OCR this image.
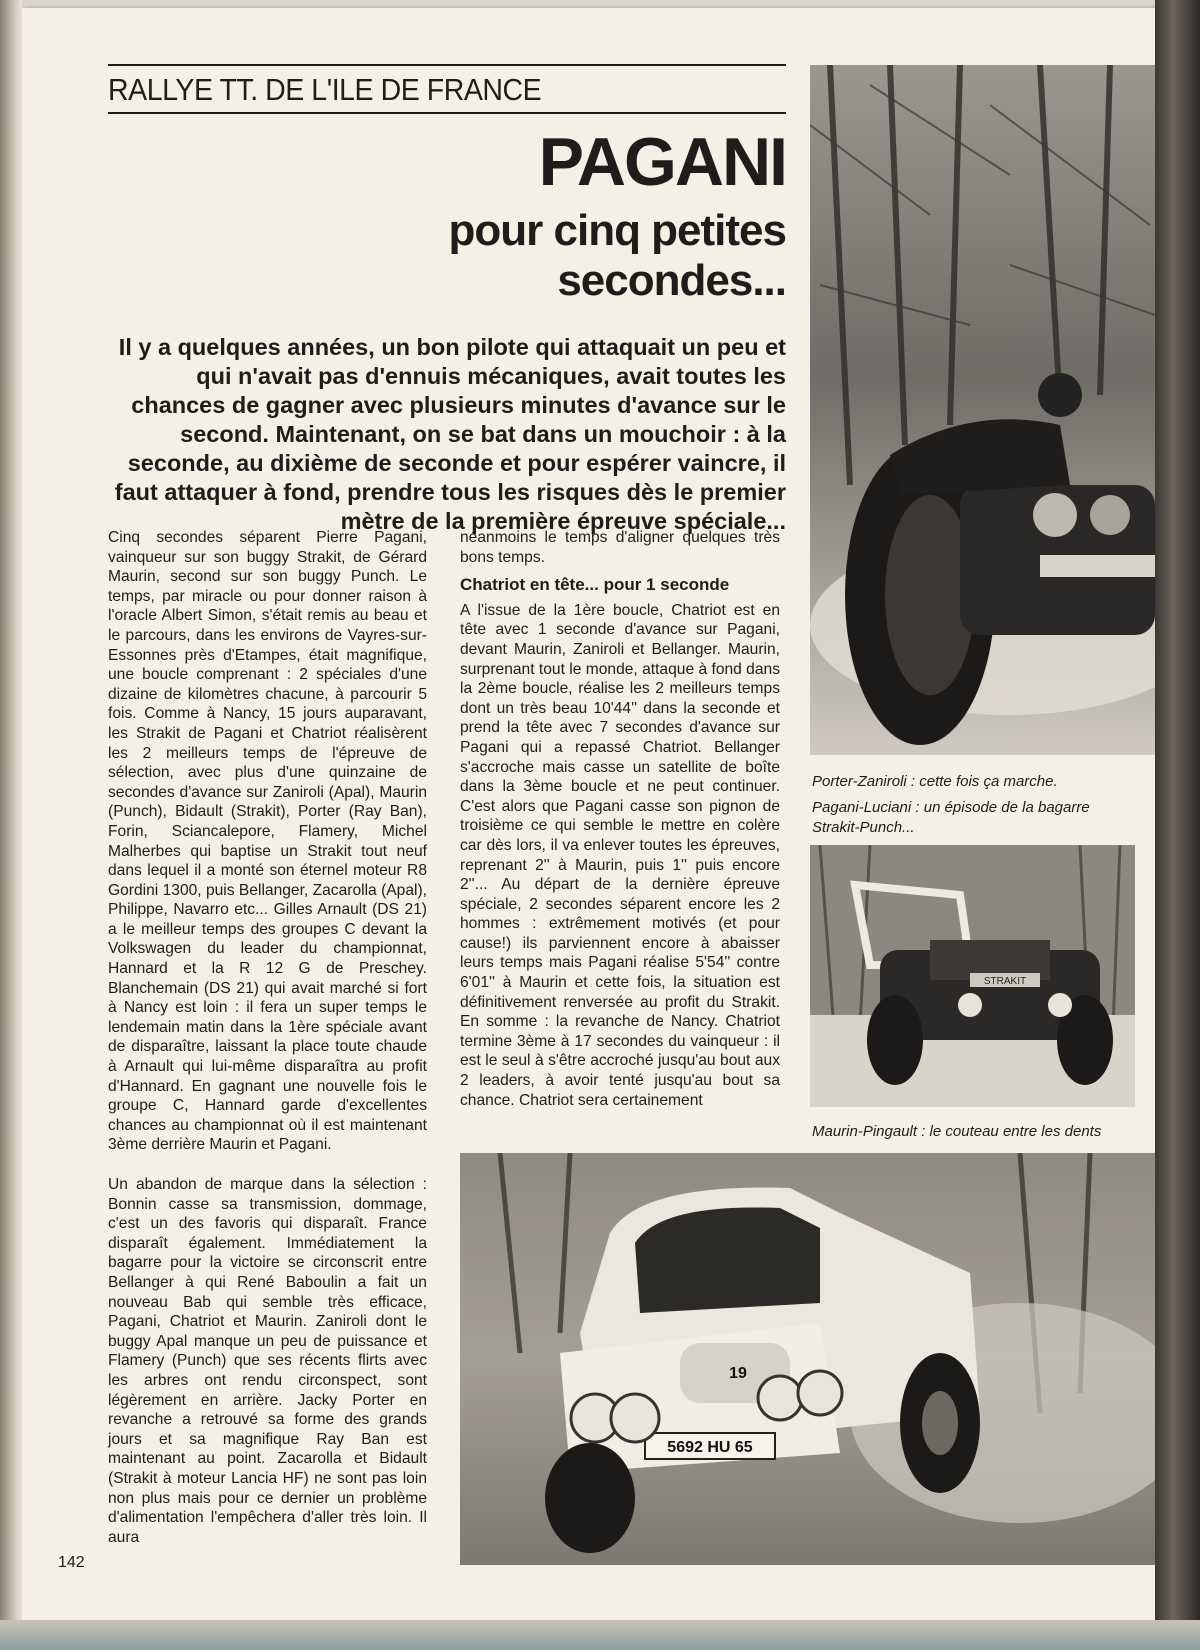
RALLYE TT. DE L'ILE DE FRANCE
PAGANI
pour cinq petites secondes...
Il y a quelques années, un bon pilote qui attaquait un peu et qui n'avait pas d'ennuis mécaniques, avait toutes les chances de gagner avec plusieurs minutes d'avance sur le second. Maintenant, on se bat dans un mouchoir : à la seconde, au dixième de seconde et pour espérer vaincre, il faut attaquer à fond, prendre tous les risques dès le premier mètre de la première épreuve spéciale...

Cinq secondes séparent Pierre Pagani, vainqueur sur son buggy Strakit, de Gérard Maurin, second sur son buggy Punch. Le temps, par miracle ou pour donner raison à l'oracle Albert Simon, s'était remis au beau et le parcours, dans les environs de Vayres-sur-Essonnes près d'Etampes, était magnifique, une boucle comprenant : 2 spéciales d'une dizaine de kilomètres chacune, à parcourir 5 fois. Comme à Nancy, 15 jours auparavant, les Strakit de Pagani et Chatriot réalisèrent les 2 meilleurs temps de l'épreuve de sélection, avec plus d'une quinzaine de secondes d'avance sur Zaniroli (Apal), Maurin (Punch), Bidault (Strakit), Porter (Ray Ban), Forin, Sciancalepore, Flamery, Michel Malherbes qui baptise un Strakit tout neuf dans lequel il a monté son éternel moteur R8 Gordini 1300, puis Bellanger, Zacarolla (Apal), Philippe, Navarro etc... Gilles Arnault (DS 21) a le meilleur temps des groupes C devant la Volkswagen du leader du championnat, Hannard et la R 12 G de Preschey. Blanchemain (DS 21) qui avait marché si fort à Nancy est loin : il fera un super temps le lendemain matin dans la 1ère spéciale avant de disparaître, laissant la place toute chaude à Arnault qui lui-même disparaîtra au profit d'Hannard. En gagnant une nouvelle fois le groupe C, Hannard garde d'excellentes chances au championnat où il est maintenant 3ème derrière Maurin et Pagani.

Un abandon de marque dans la sélection : Bonnin casse sa transmission, dommage, c'est un des favoris qui disparaît. France disparaît également. Immédiatement la bagarre pour la victoire se circonscrit entre Bellanger à qui René Baboulin a fait un nouveau Bab qui semble très efficace, Pagani, Chatriot et Maurin. Zaniroli dont le buggy Apal manque un peu de puissance et Flamery (Punch) que ses récents flirts avec les arbres ont rendu circonspect, sont légèrement en arrière. Jacky Porter en revanche a retrouvé sa forme des grands jours et sa magnifique Ray Ban est maintenant au point. Zacarolla et Bidault (Strakit à moteur Lancia HF) ne sont pas loin non plus mais pour ce dernier un problème d'alimentation l'empêchera d'aller très loin. Il aura

néanmoins le temps d'aligner quelques très bons temps.

Chatriot en tête... pour 1 seconde

A l'issue de la 1ère boucle, Chatriot est en tête avec 1 seconde d'avance sur Pagani, devant Maurin, Zaniroli et Bellanger. Maurin, surprenant tout le monde, attaque à fond dans la 2ème boucle, réalise les 2 meilleurs temps dont un très beau 10'44'' dans la seconde et prend la tête avec 7 secondes d'avance sur Pagani qui a repassé Chatriot. Bellanger s'accroche mais casse un satellite de boîte dans la 3ème boucle et ne peut continuer. C'est alors que Pagani casse son pignon de troisième ce qui semble le mettre en colère car dès lors, il va enlever toutes les épreuves, reprenant 2'' à Maurin, puis 1'' puis encore 2''... Au départ de la dernière épreuve spéciale, 2 secondes séparent encore les 2 hommes : extrêmement motivés (et pour cause!) ils parviennent encore à abaisser leurs temps mais Pagani réalise 5'54'' contre 6'01'' à Maurin et cette fois, la situation est définitivement renversée au profit du Strakit. En somme : la revanche de Nancy. Chatriot termine 3ème à 17 secondes du vainqueur : il est le seul à s'être accroché jusqu'au bout aux 2 leaders, à avoir tenté jusqu'au bout sa chance. Chatriot sera certainement

Porter-Zaniroli : cette fois ça marche.
Pagani-Luciani : un épisode de la bagarre Strakit-Punch...
STRAKIT
Maurin-Pingault : le couteau entre les dents
19
5692 HU 65
142
